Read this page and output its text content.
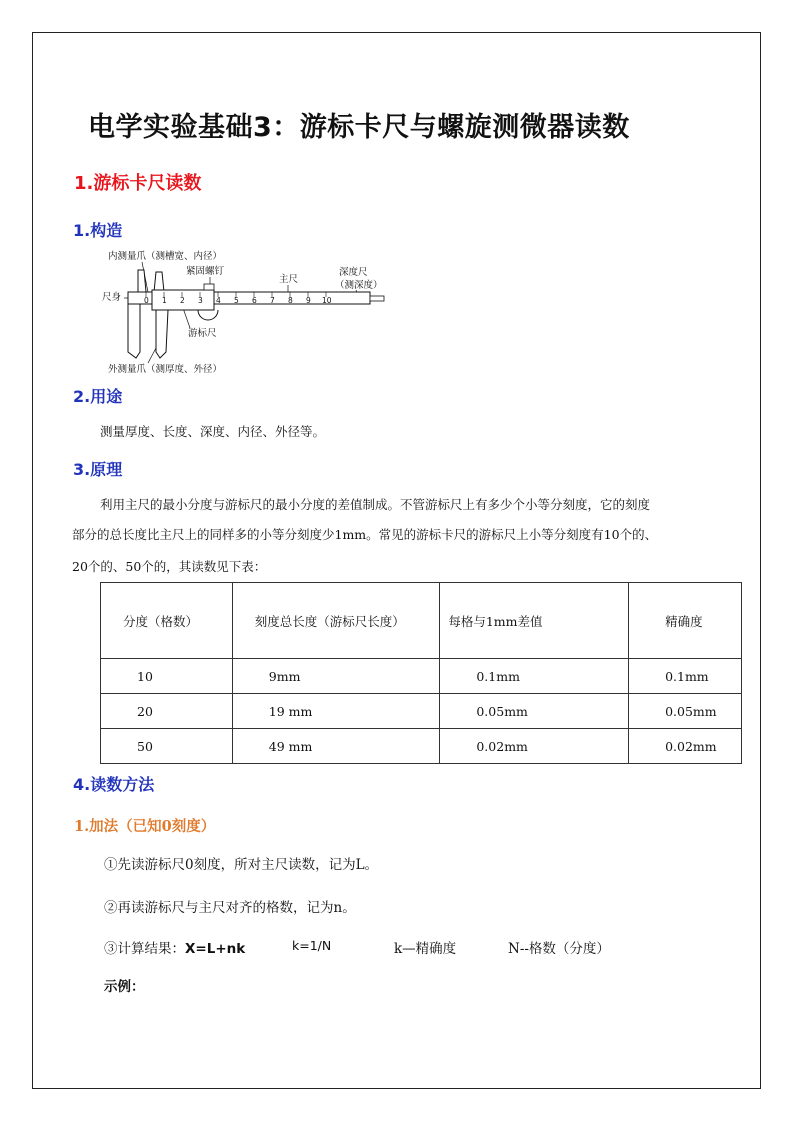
电学实验基础3：游标卡尺与螺旋测微器读数
1.游标卡尺读数
1.构造
内测量爪（测槽宽、内径）
紧固螺钉
主尺
深度尺
（测深度）
尺身
游标尺
外测量爪（测厚度、外径）
0 1 2 3 4 5 6 7 8 9 10
2.用途

测量厚度、长度、深度、内径、外径等。

3.原理

利用主尺的最小分度与游标尺的最小分度的差值制成。不管游标尺上有多少个小等分刻度，它的刻度

部分的总长度比主尺上的同样多的小等分刻度少1mm。常见的游标卡尺的游标尺上小等分刻度有10个的、

20个的、50个的，其读数见下表：

分度（格数）	刻度总长度（游标尺长度）	每格与1mm差值	精确度
10	9mm	0.1mm	0.1mm
20	19 mm	0.05mm	0.05mm
50	49 mm	0.02mm	0.02mm
4.读数方法
1.加法（已知0刻度）

①先读游标尺0刻度，所对主尺读数，记为L。

②再读游标尺与主尺对齐的格数，记为n。

③计算结果：X=L+nk	k=1/N	k—精确度	N--格数（分度）

示例：
